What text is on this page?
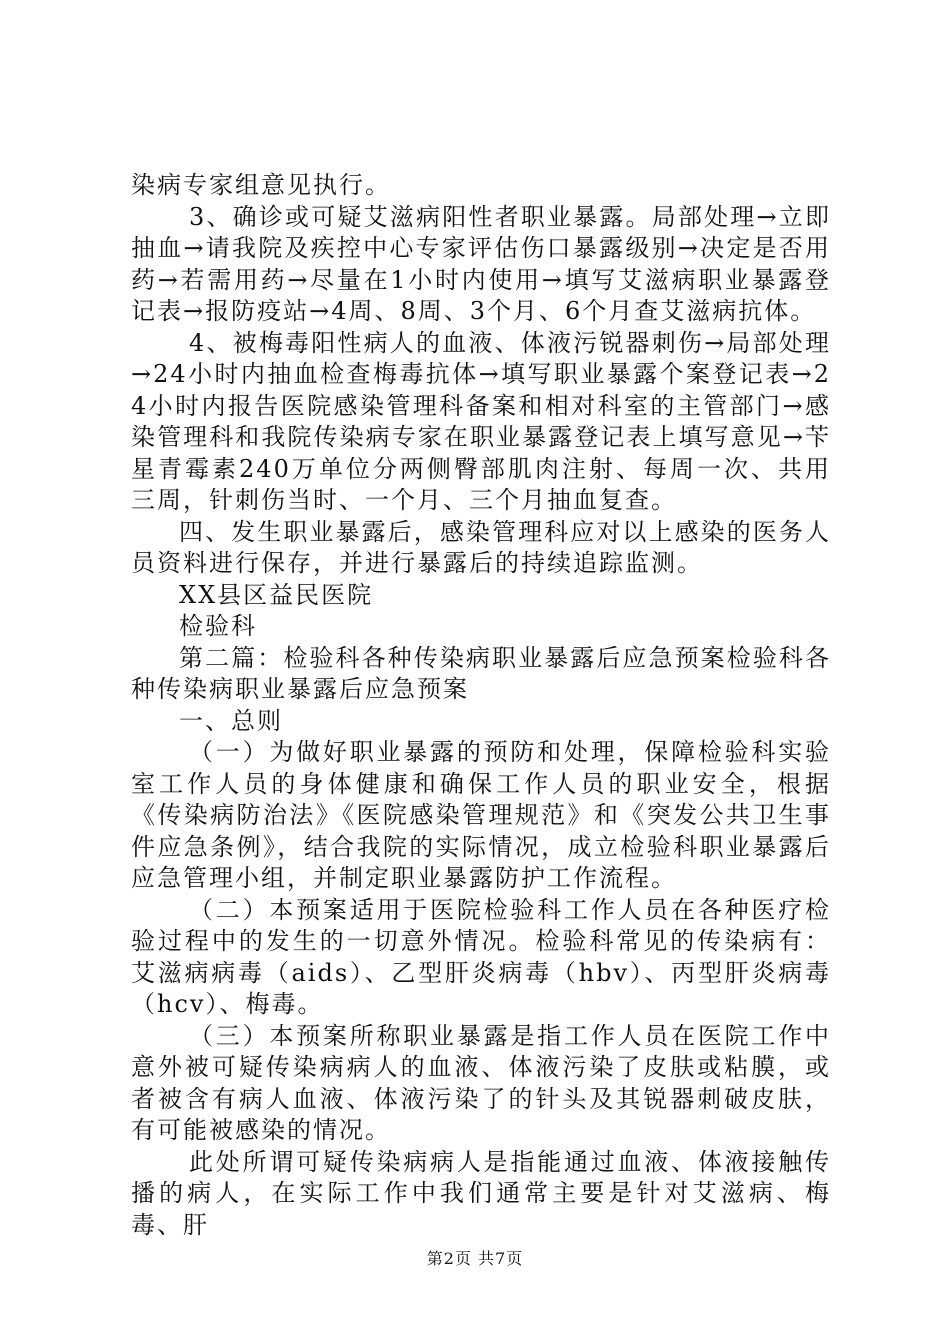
染病专家组意见执行。

3、确诊或可疑艾滋病阳性者职业暴露。局部处理→立即抽血→请我院及疾控中心专家评估伤口暴露级别→决定是否用药→若需用药→尽量在1小时内使用→填写艾滋病职业暴露登记表→报防疫站→4周、8周、3个月、6个月查艾滋病抗体。

4、被梅毒阳性病人的血液、体液污锐器刺伤→局部处理→24小时内抽血检查梅毒抗体→填写职业暴露个案登记表→24小时内报告医院感染管理科备案和相对科室的主管部门→感染管理科和我院传染病专家在职业暴露登记表上填写意见→苄星青霉素240万单位分两侧臀部肌肉注射、每周一次、共用三周，针刺伤当时、一个月、三个月抽血复查。

四、发生职业暴露后，感染管理科应对以上感染的医务人员资料进行保存，并进行暴露后的持续追踪监测。

XX县区益民医院

检验科

第二篇：检验科各种传染病职业暴露后应急预案检验科各种传染病职业暴露后应急预案

一、总则

（一）为做好职业暴露的预防和处理，保障检验科实验室工作人员的身体健康和确保工作人员的职业安全，根据《传染病防治法》《医院感染管理规范》和《突发公共卫生事件应急条例》，结合我院的实际情况，成立检验科职业暴露后应急管理小组，并制定职业暴露防护工作流程。

（二）本预案适用于医院检验科工作人员在各种医疗检验过程中的发生的一切意外情况。检验科常见的传染病有：艾滋病病毒（aids）、乙型肝炎病毒（hbv）、丙型肝炎病毒（hcv）、梅毒。

（三）本预案所称职业暴露是指工作人员在医院工作中意外被可疑传染病病人的血液、体液污染了皮肤或粘膜，或者被含有病人血液、体液污染了的针头及其锐器刺破皮肤，有可能被感染的情况。

此处所谓可疑传染病病人是指能通过血液、体液接触传播的病人，在实际工作中我们通常主要是针对艾滋病、梅毒、肝

第2页 共7页
